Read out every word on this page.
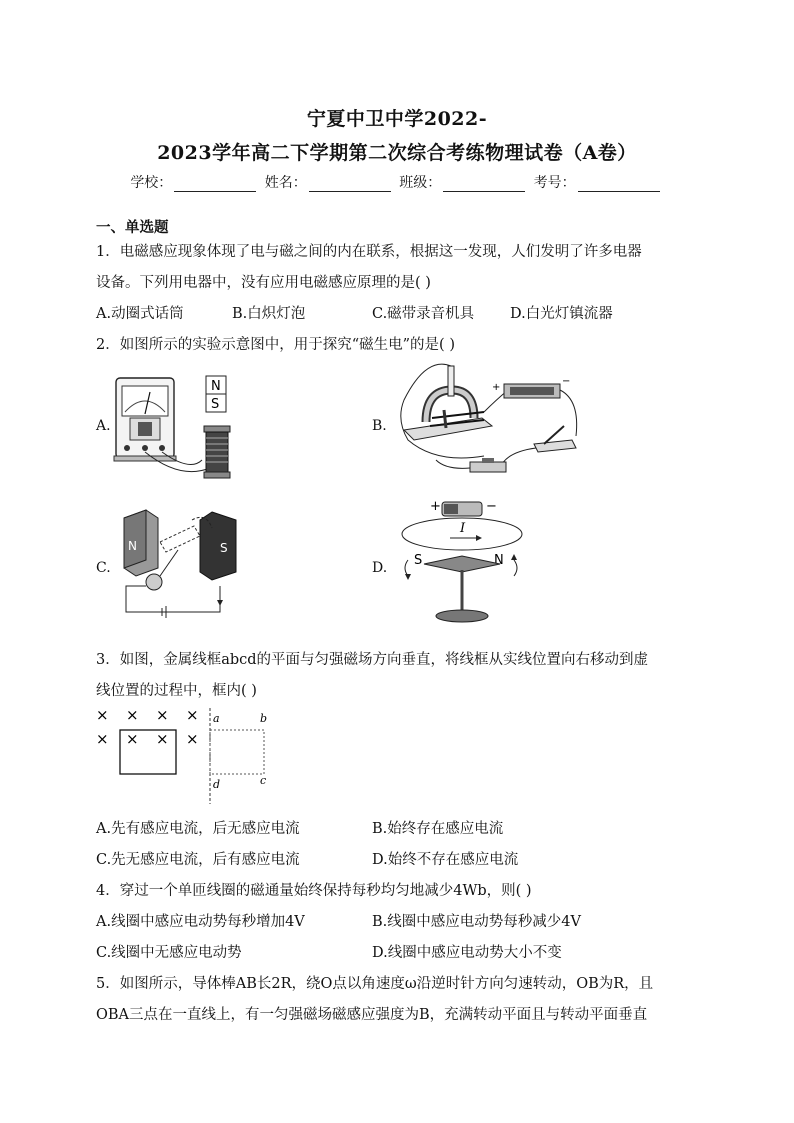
宁夏中卫中学2022-
2023学年高二下学期第二次综合考练物理试卷（A卷）
学校：	姓名：	班级：	考号：
一、单选题
1．电磁感应现象体现了电与磁之间的内在联系，根据这一发现，人们发明了许多电器
设备。下列用电器中，没有应用电磁感应原理的是( )
A.动圈式话筒	B.白炽灯泡	C.磁带录音机具 D.白光灯镇流器
2．如图所示的实验示意图中，用于探究“磁生电”的是( )
A.	B.
C.	D.
N
S
+
−
N	S
+	−
I
S	N
3．如图，金属线框abcd的平面与匀强磁场方向垂直，将线框从实线位置向右移动到虚
线位置的过程中，框内( )
× × × ×
× × × ×
a	b
c
d
A.先有感应电流，后无感应电流	B.始终存在感应电流
C.先无感应电流，后有感应电流	D.始终不存在感应电流
4．穿过一个单匝线圈的磁通量始终保持每秒均匀地减少4Wb，则( )
A.线圈中感应电动势每秒增加4V	B.线圈中感应电动势每秒减少4V
C.线圈中无感应电动势	D.线圈中感应电动势大小不变
5．如图所示，导体棒AB长2R，绕O点以角速度ω沿逆时针方向匀速转动，OB为R，且
OBA三点在一直线上，有一匀强磁场磁感应强度为B，充满转动平面且与转动平面垂直
